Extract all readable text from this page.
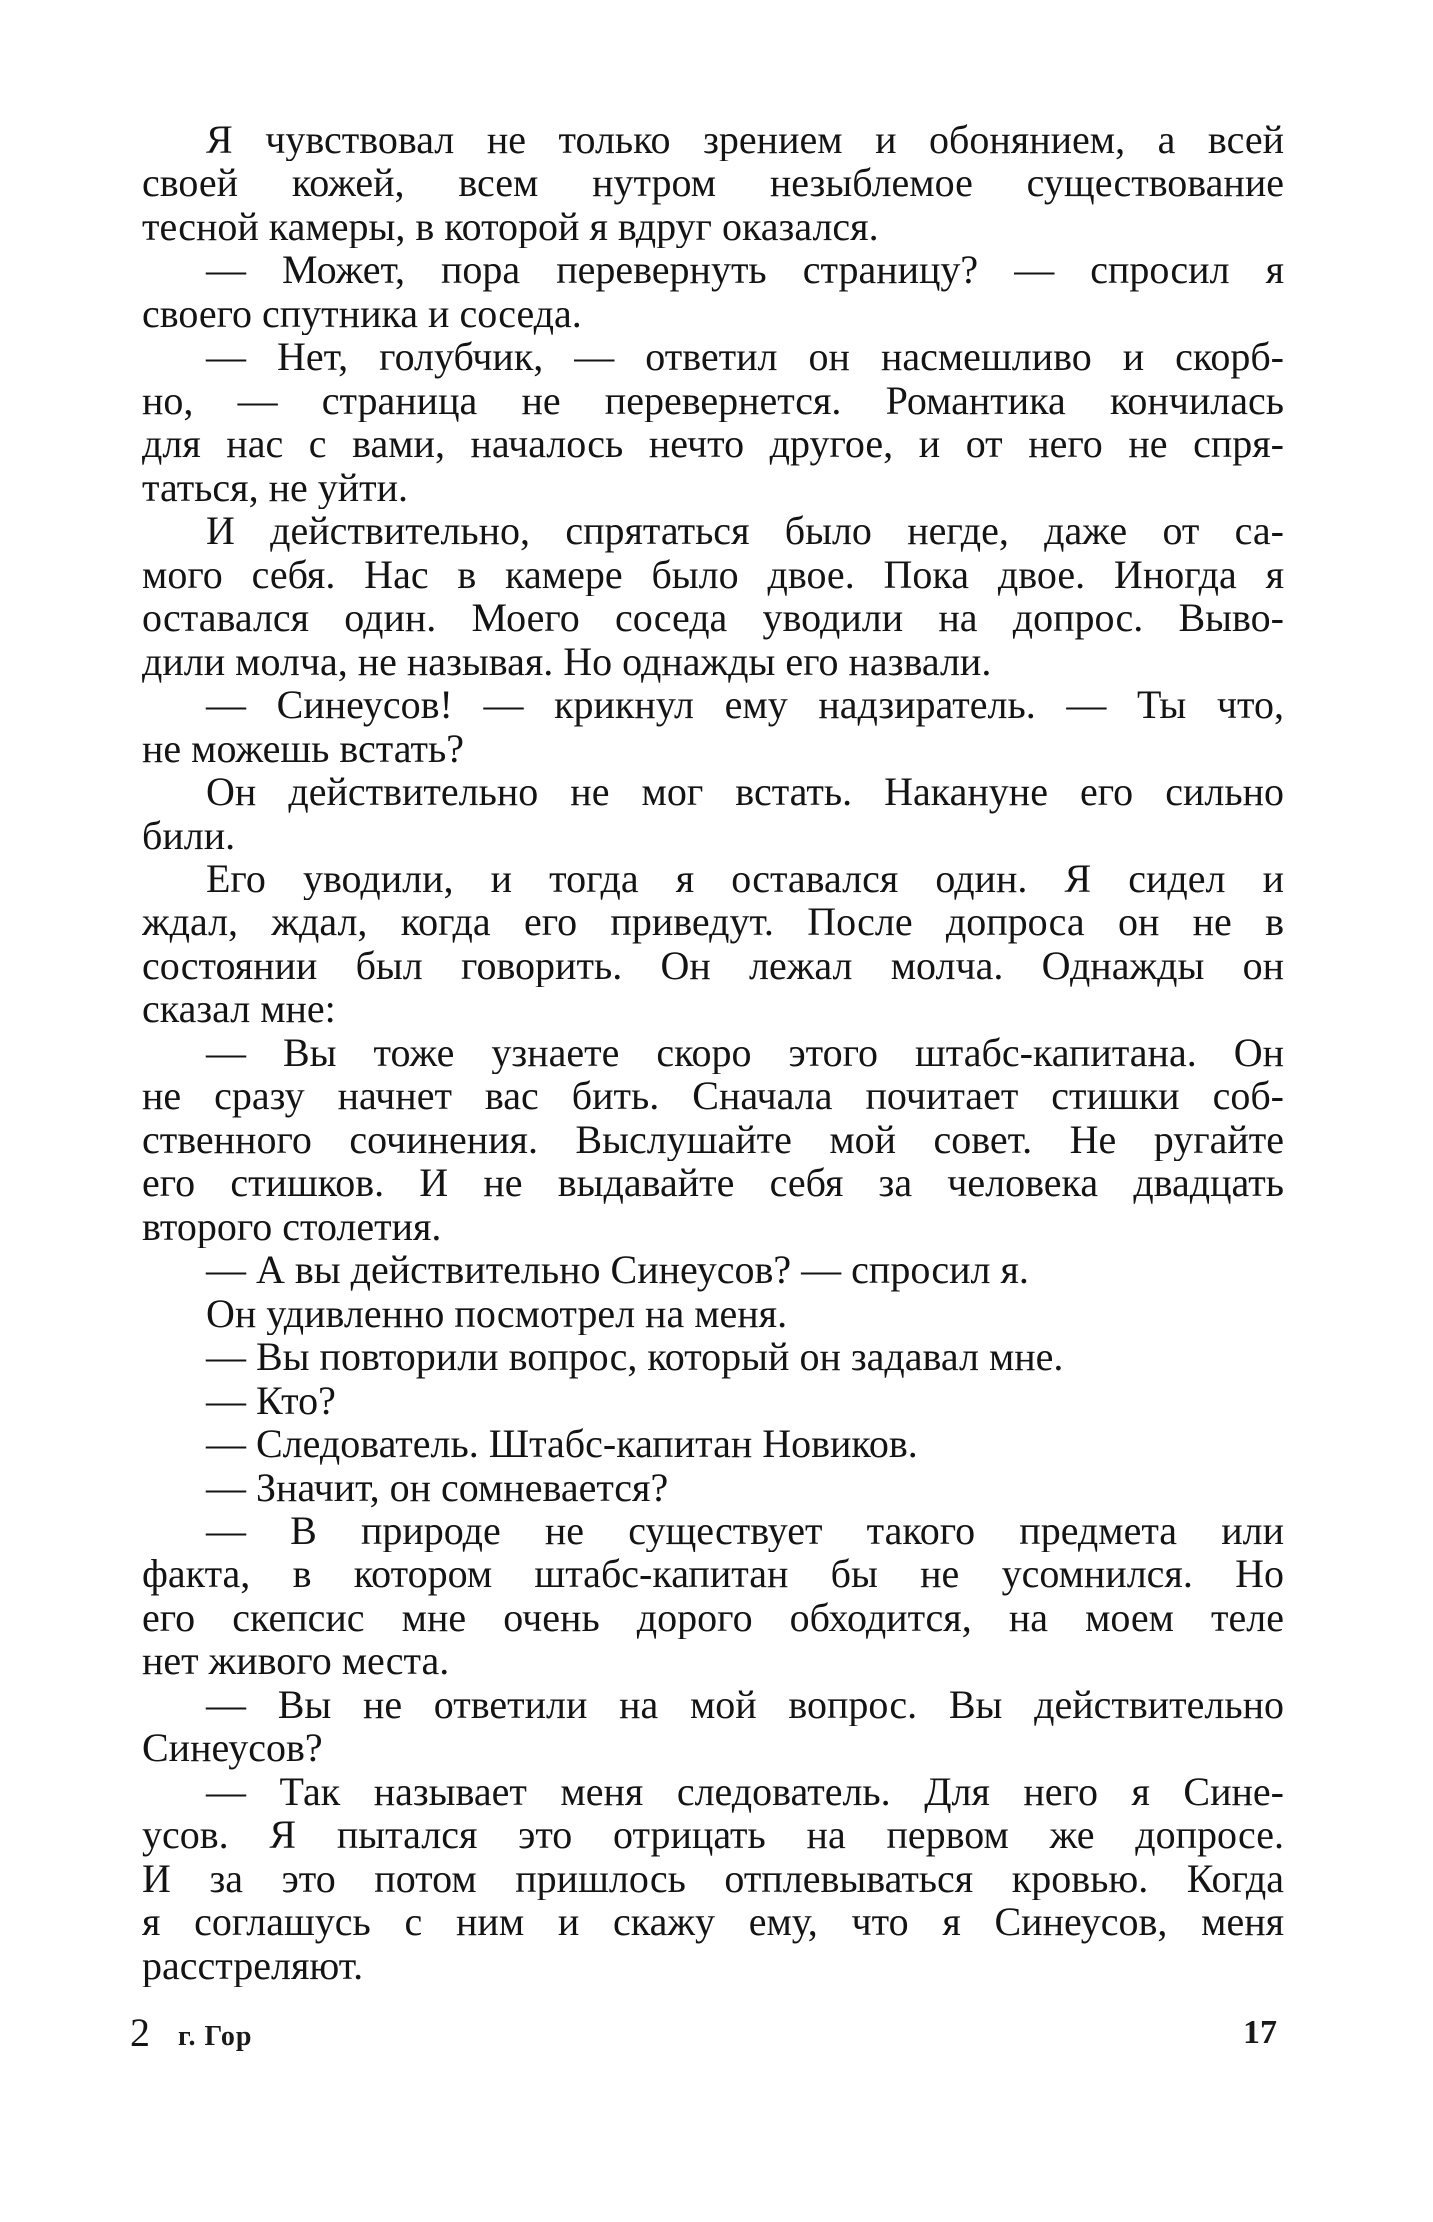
Я чувствовал не только зрением и обонянием, а всей
своей кожей, всем нутром незыблемое существование
тесной камеры, в которой я вдруг оказался.
— Может, пора перевернуть страницу? — спросил я
своего спутника и соседа.
— Нет, голубчик, — ответил он насмешливо и скорб-
но, — страница не перевернется. Романтика кончилась
для нас с вами, началось нечто другое, и от него не спря-
таться, не уйти.
И действительно, спрятаться было негде, даже от са-
мого себя. Нас в камере было двое. Пока двое. Иногда я
оставался один. Моего соседа уводили на допрос. Выво-
дили молча, не называя. Но однажды его назвали.
— Синеусов! — крикнул ему надзиратель. — Ты что,
не можешь встать?
Он действительно не мог встать. Накануне его сильно
били.
Его уводили, и тогда я оставался один. Я сидел и
ждал, ждал, когда его приведут. После допроса он не в
состоянии был говорить. Он лежал молча. Однажды он
сказал мне:
— Вы тоже узнаете скоро этого штабс-капитана. Он
не сразу начнет вас бить. Сначала почитает стишки соб-
ственного сочинения. Выслушайте мой совет. Не ругайте
его стишков. И не выдавайте себя за человека двадцать
второго столетия.
— А вы действительно Синеусов? — спросил я.
Он удивленно посмотрел на меня.
— Вы повторили вопрос, который он задавал мне.
— Кто?
— Следователь. Штабс-капитан Новиков.
— Значит, он сомневается?
— В природе не существует такого предмета или
факта, в котором штабс-капитан бы не усомнился. Но
его скепсис мне очень дорого обходится, на моем теле
нет живого места.
— Вы не ответили на мой вопрос. Вы действительно
Синеусов?
— Так называет меня следователь. Для него я Сине-
усов. Я пытался это отрицать на первом же допросе.
И за это потом пришлось отплевываться кровью. Когда
я соглашусь с ним и скажу ему, что я Синеусов, меня
расстреляют.
2 г. Гор	17
